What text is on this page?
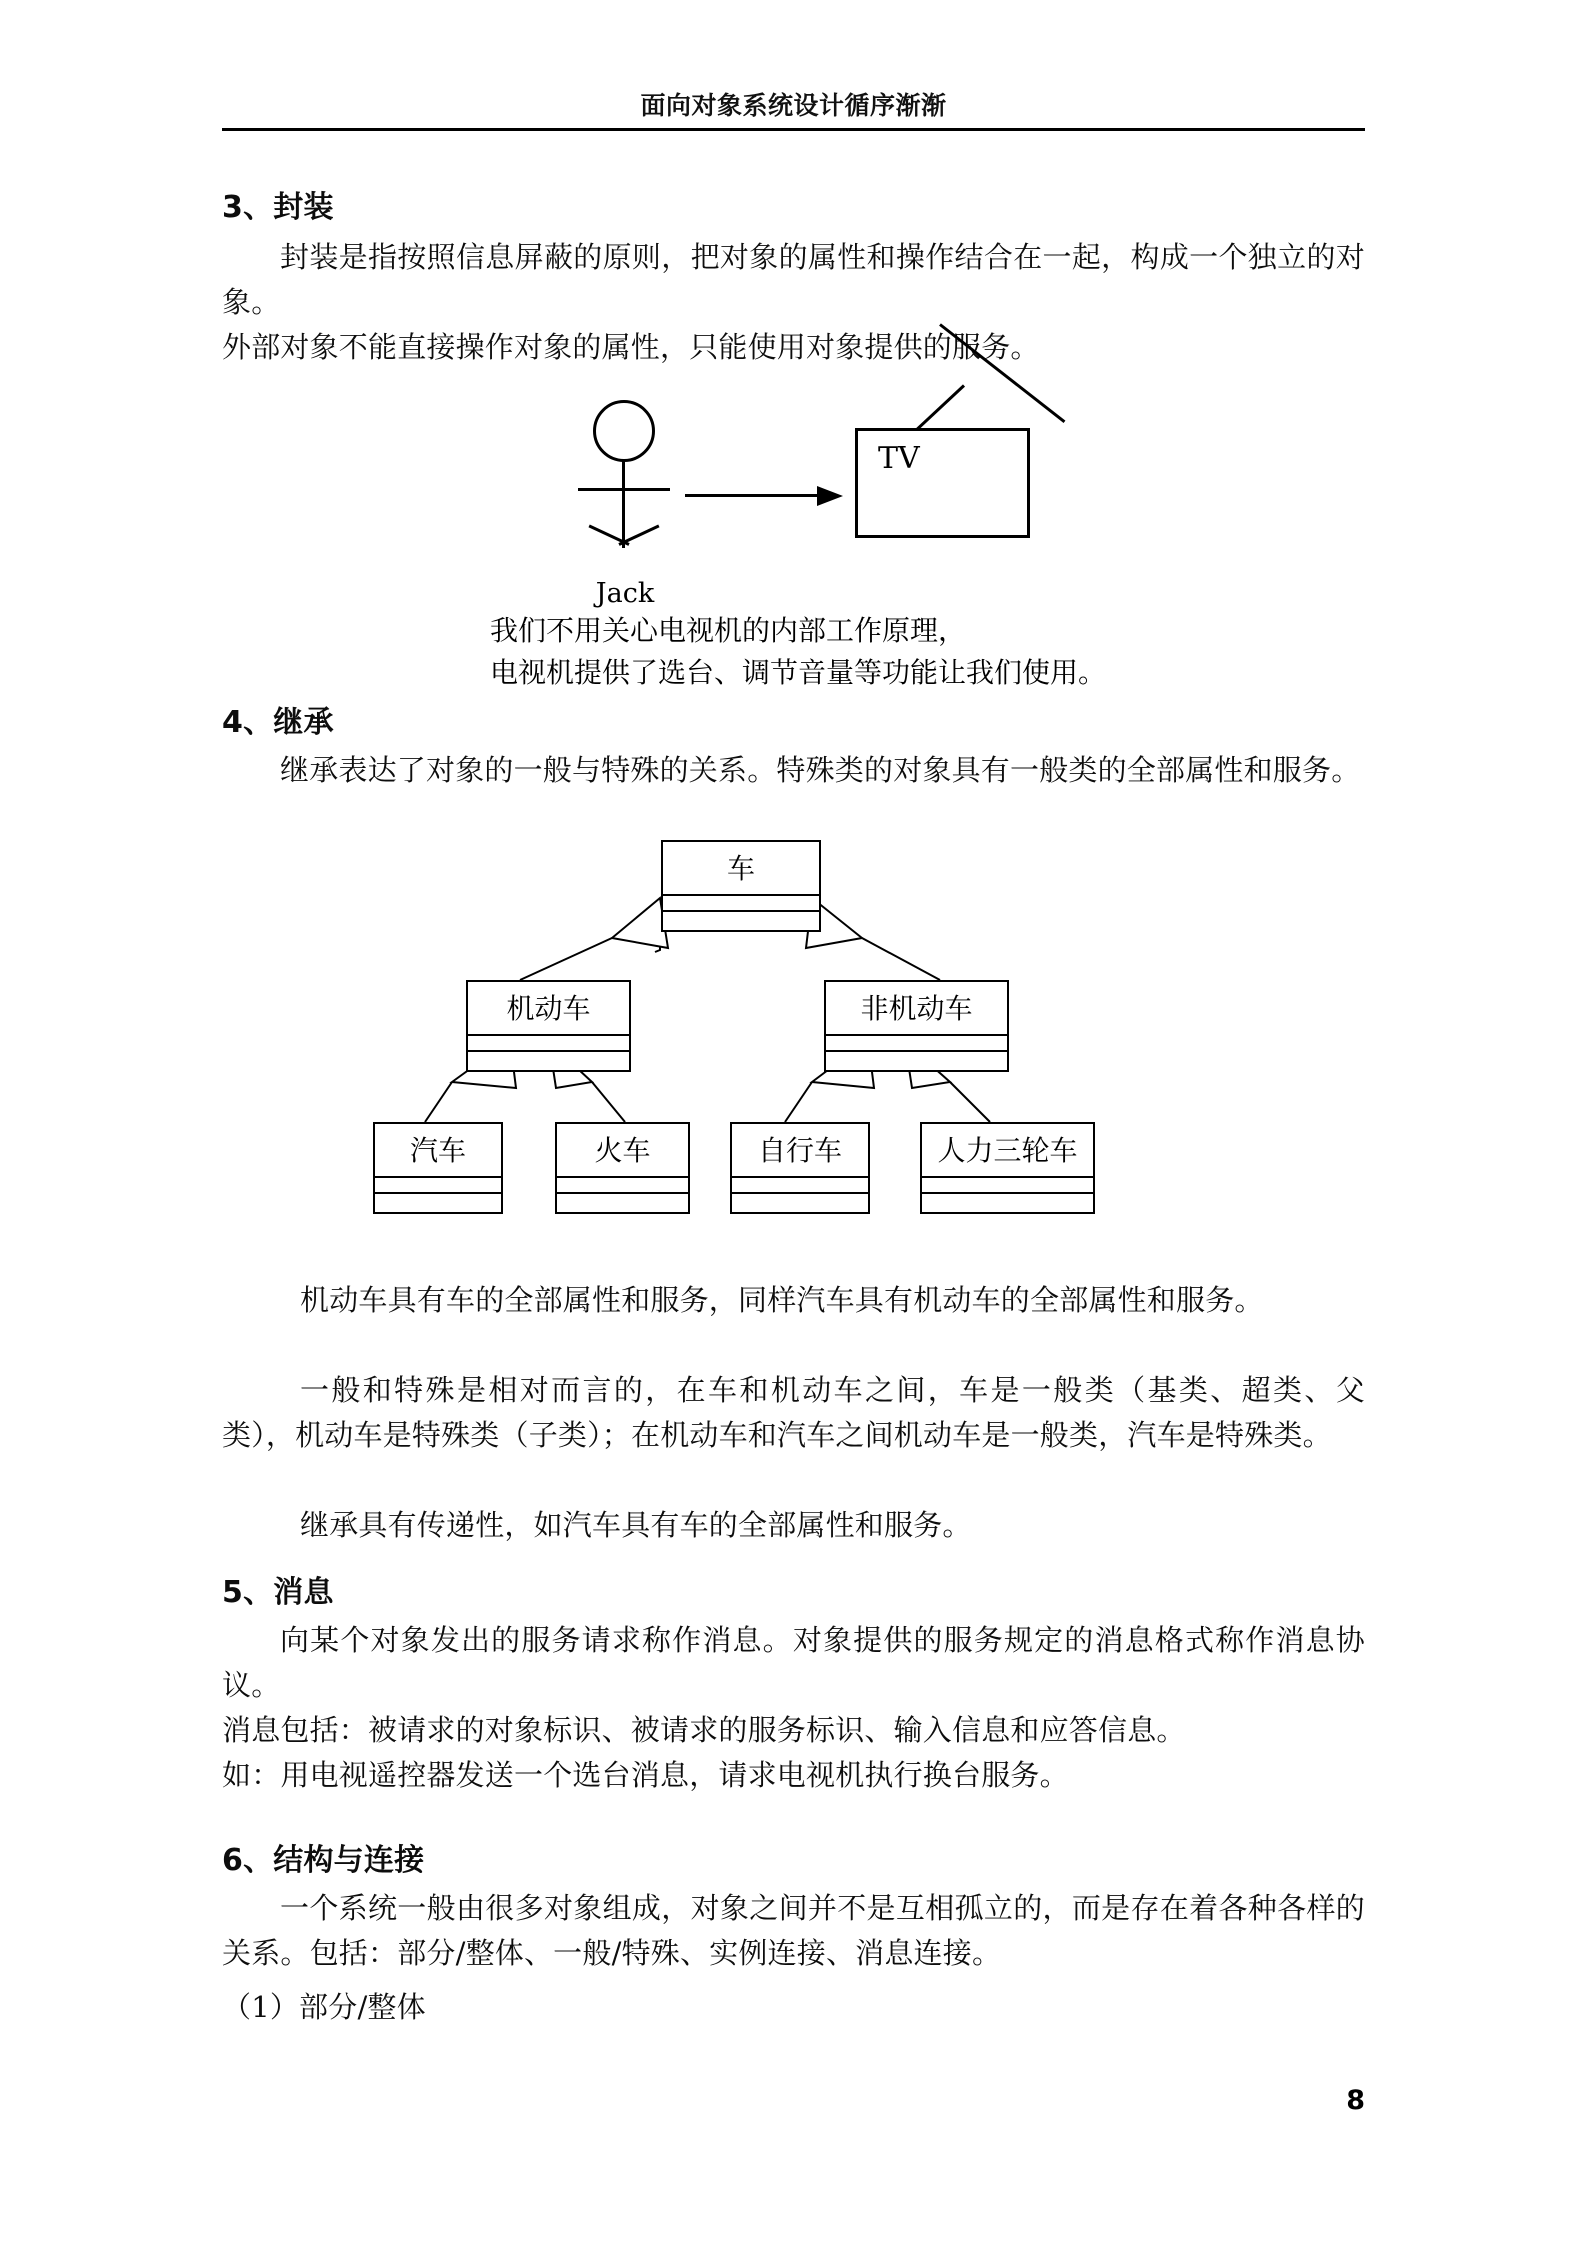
面向对象系统设计循序渐渐
3、封装
封装是指按照信息屏蔽的原则，把对象的属性和操作结合在一起，构成一个独立的对象。
外部对象不能直接操作对象的属性，只能使用对象提供的服务。
Jack
TV
我们不用关心电视机的内部工作原理，
电视机提供了选台、调节音量等功能让我们使用。
4、继承
继承表达了对象的一般与特殊的关系。特殊类的对象具有一般类的全部属性和服务。
车
机动车	非机动车
汽车	火车	自行车	人力三轮车
机动车具有车的全部属性和服务，同样汽车具有机动车的全部属性和服务。
一般和特殊是相对而言的，在车和机动车之间，车是一般类（基类、超类、父类），机动车是特殊类（子类）；在机动车和汽车之间机动车是一般类，汽车是特殊类。
继承具有传递性，如汽车具有车的全部属性和服务。
5、消息
向某个对象发出的服务请求称作消息。对象提供的服务规定的消息格式称作消息协议。
消息包括：被请求的对象标识、被请求的服务标识、输入信息和应答信息。
如：用电视遥控器发送一个选台消息，请求电视机执行换台服务。
6、结构与连接
一个系统一般由很多对象组成，对象之间并不是互相孤立的，而是存在着各种各样的关系。包括：部分/整体、一般/特殊、实例连接、消息连接。
（1）部分/整体
8
